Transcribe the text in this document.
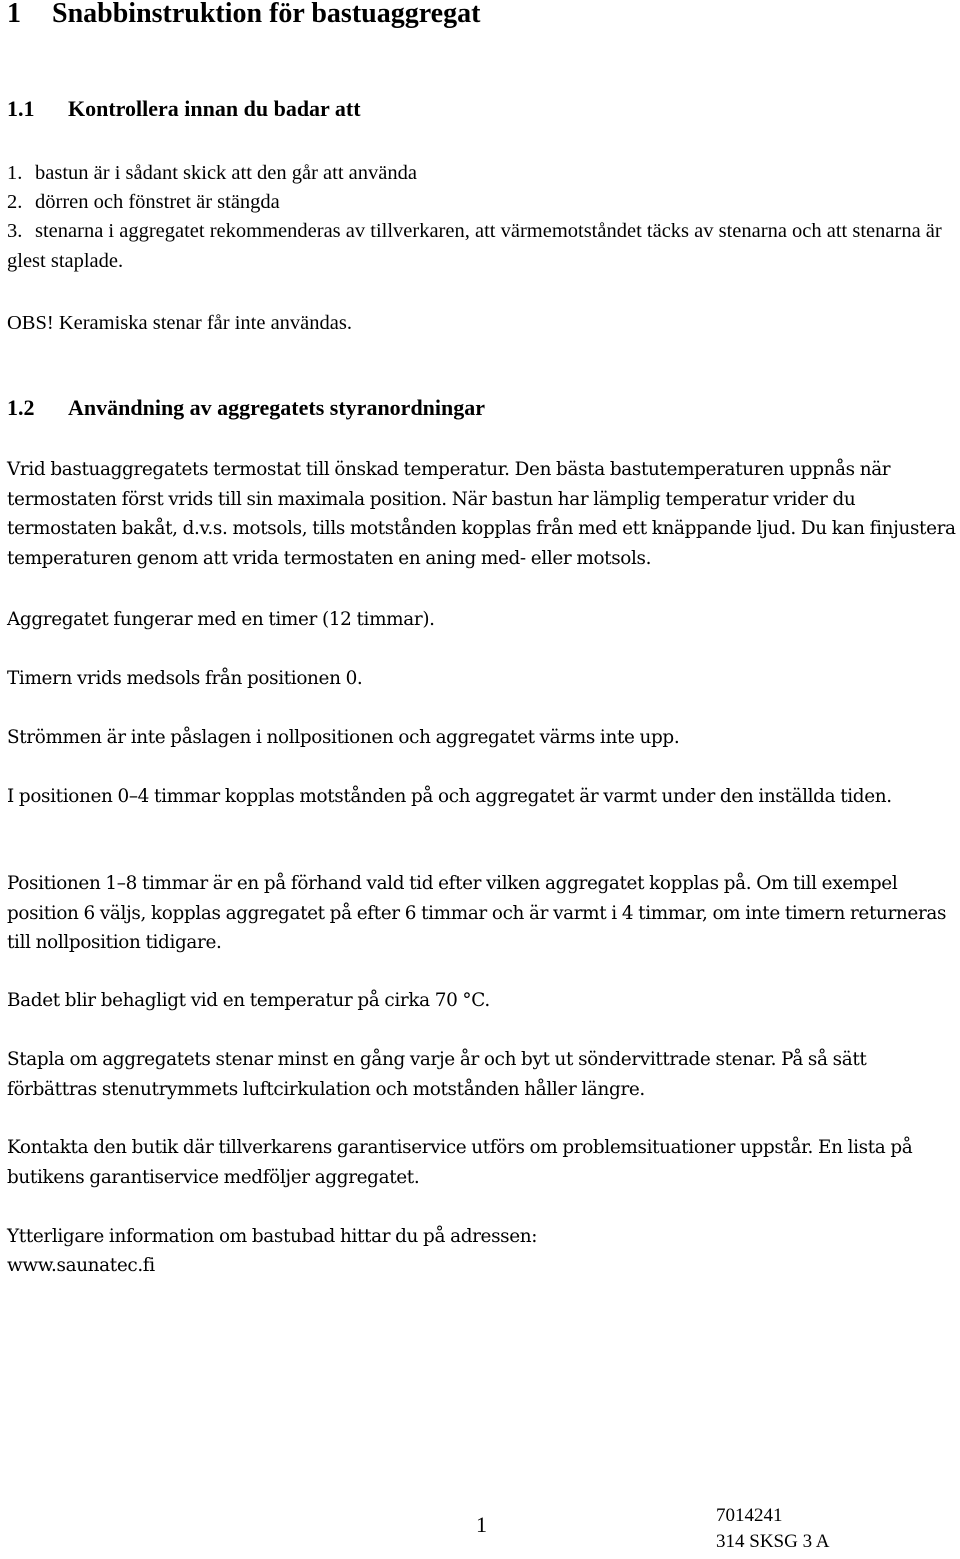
1 Snabbinstruktion för bastuaggregat
1.1 Kontrollera innan du badar att
1. bastun är i sådant skick att den går att använda
2. dörren och fönstret är stängda
3. stenarna i aggregatet rekommenderas av tillverkaren, att värmemotståndet täcks av stenarna och att stenarna är glest staplade.
OBS! Keramiska stenar får inte användas.
1.2 Användning av aggregatets styranordningar
Vrid bastuaggregatets termostat till önskad temperatur. Den bästa bastutemperaturen uppnås när termostaten först vrids till sin maximala position. När bastun har lämplig temperatur vrider du termostaten bakåt, d.v.s. motsols, tills motstånden kopplas från med ett knäppande ljud. Du kan finjustera temperaturen genom att vrida termostaten en aning med- eller motsols.
Aggregatet fungerar med en timer (12 timmar).
Timern vrids medsols från positionen 0.
Strömmen är inte påslagen i nollpositionen och aggregatet värms inte upp.
I positionen 0–4 timmar kopplas motstånden på och aggregatet är varmt under den inställda tiden.
Positionen 1–8 timmar är en på förhand vald tid efter vilken aggregatet kopplas på. Om till exempel position 6 väljs, kopplas aggregatet på efter 6 timmar och är varmt i 4 timmar, om inte timern returneras till nollposition tidigare.
Badet blir behagligt vid en temperatur på cirka 70 °C.
Stapla om aggregatets stenar minst en gång varje år och byt ut söndervittrade stenar. På så sätt förbättras stenutrymmets luftcirkulation och motstånden håller längre.
Kontakta den butik där tillverkarens garantiservice utförs om problemsituationer uppstår. En lista på butikens garantiservice medföljer aggregatet.
Ytterligare information om bastubad hittar du på adressen:
www.saunatec.fi
1	7014241
314 SKSG 3 A
